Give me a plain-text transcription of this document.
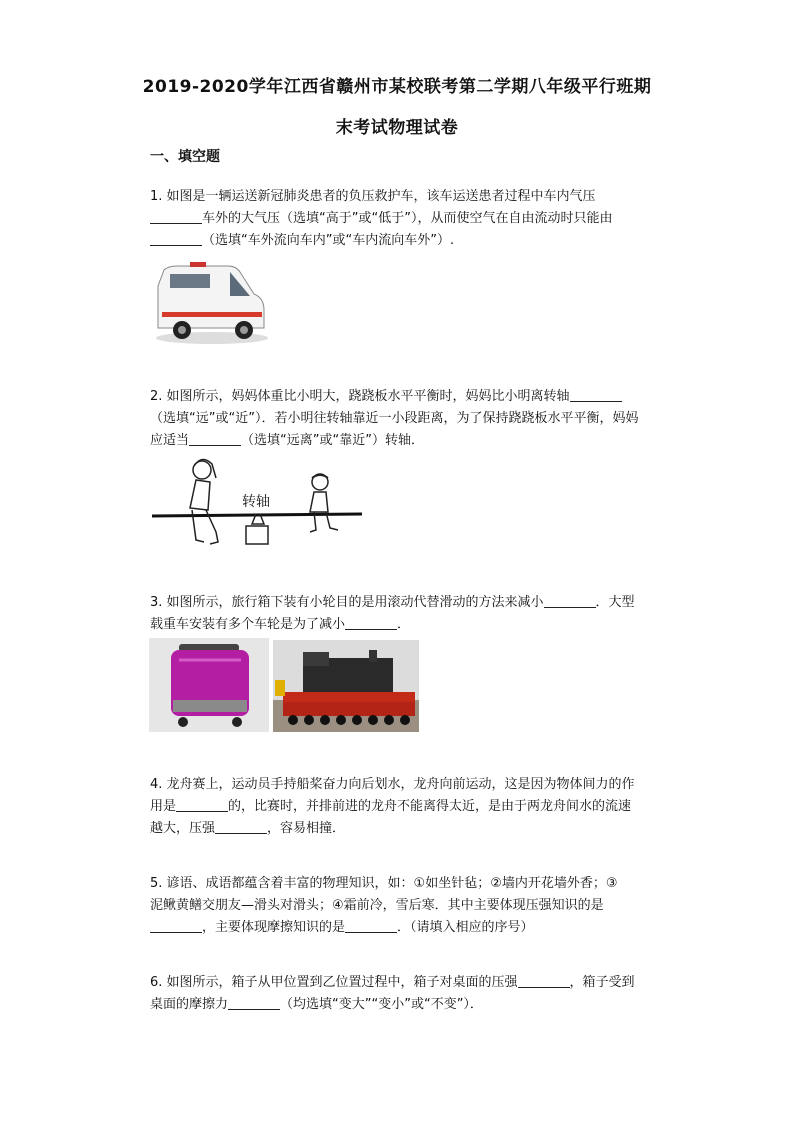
2019-2020学年江西省赣州市某校联考第二学期八年级平行班期
末考试物理试卷
一、填空题
1. 如图是一辆运送新冠肺炎患者的负压救护车，该车运送患者过程中车内气压
车外的大气压（选填“高于”或“低于”），从而使空气在自由流动时只能由
（选填“车外流向车内”或“车内流向车外”）.
2. 如图所示，妈妈体重比小明大，跷跷板水平平衡时，妈妈比小明离转轴
（选填“远”或“近”）．若小明往转轴靠近一小段距离，为了保持跷跷板水平平衡，妈妈
应适当	（选填“远离”或“靠近”）转轴．
转轴
3. 如图所示，旅行箱下装有小轮目的是用滚动代替滑动的方法来减小	．大型
载重车安装有多个车轮是为了减小	．
4. 龙舟赛上，运动员手持船桨奋力向后划水，龙舟向前运动，这是因为物体间力的作
用是	的，比赛时，并排前进的龙舟不能离得太近，是由于两龙舟间水的流速
越大，压强	，容易相撞．
5. 谚语、成语都蕴含着丰富的物理知识，如：①如坐针毡；②墙内开花墙外香；③
泥鳅黄鳝交朋友—滑头对滑头；④霜前冷，雪后寒．其中主要体现压强知识的是
，主要体现摩擦知识的是	．（请填入相应的序号）
6. 如图所示，箱子从甲位置到乙位置过程中，箱子对桌面的压强	，箱子受到
桌面的摩擦力	（均选填“变大”“变小”或“不变”）．
